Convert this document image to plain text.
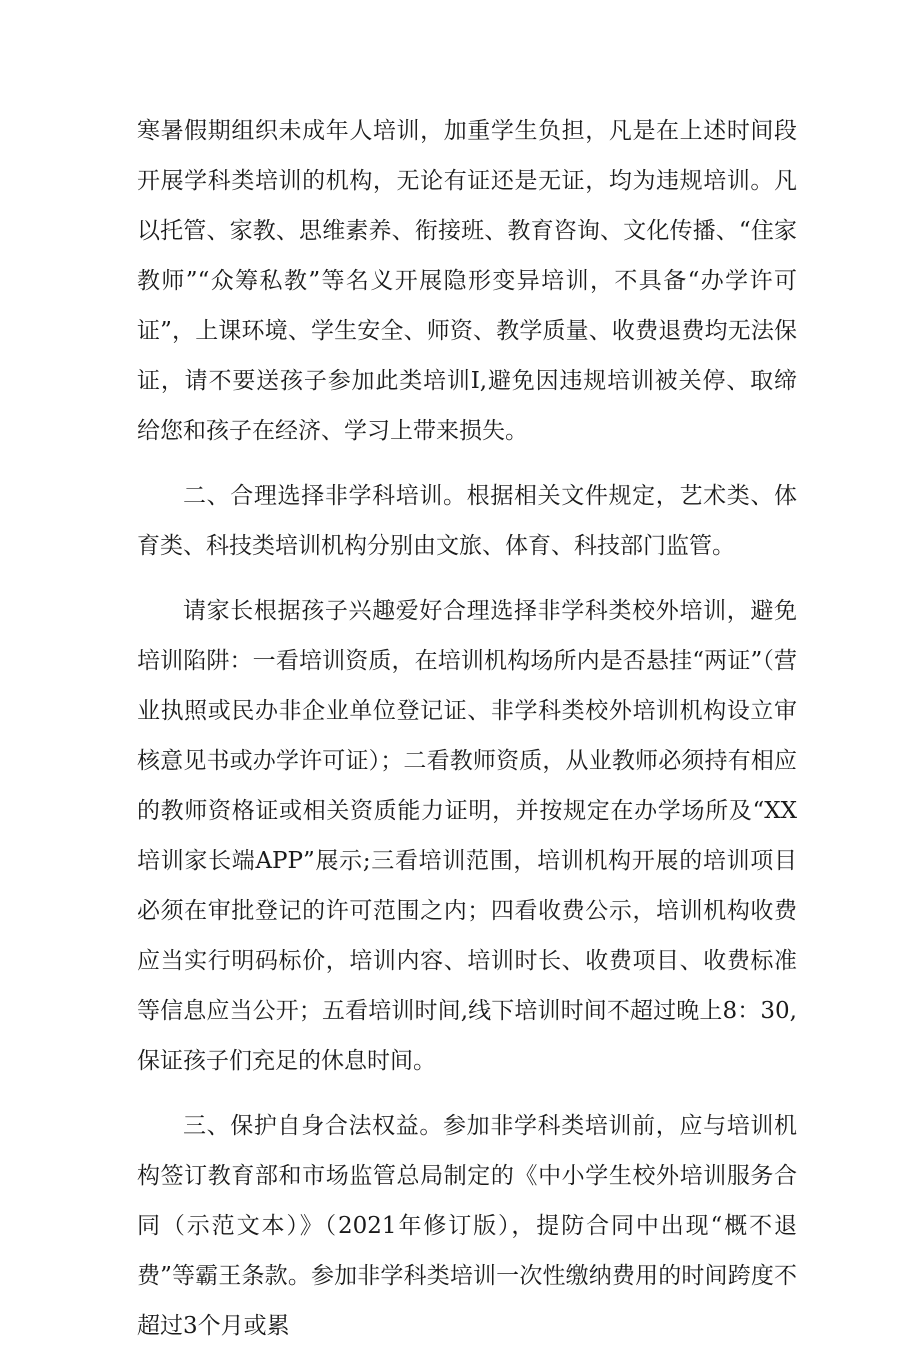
寒暑假期组织未成年人培训，加重学生负担，凡是在上述时间段开展学科类培训的机构，无论有证还是无证，均为违规培训。凡以托管、家教、思维素养、衔接班、教育咨询、文化传播、“住家教师”“众筹私教”等名义开展隐形变异培训，不具备“办学许可证”，上课环境、学生安全、师资、教学质量、收费退费均无法保证，请不要送孩子参加此类培训I,避免因违规培训被关停、取缔给您和孩子在经济、学习上带来损失。

二、合理选择非学科培训。根据相关文件规定，艺术类、体育类、科技类培训机构分别由文旅、体育、科技部门监管。

请家长根据孩子兴趣爱好合理选择非学科类校外培训，避免培训陷阱：一看培训资质，在培训机构场所内是否悬挂“两证”（营业执照或民办非企业单位登记证、非学科类校外培训机构设立审核意见书或办学许可证）；二看教师资质，从业教师必须持有相应的教师资格证或相关资质能力证明，并按规定在办学场所及“XX培训家长端APP”展示;三看培训范围，培训机构开展的培训项目必须在审批登记的许可范围之内；四看收费公示，培训机构收费应当实行明码标价，培训内容、培训时长、收费项目、收费标准等信息应当公开；五看培训时间,线下培训时间不超过晚上8：30,保证孩子们充足的休息时间。

三、保护自身合法权益。参加非学科类培训前，应与培训机构签订教育部和市场监管总局制定的《中小学生校外培训服务合同（示范文本）》（2021年修订版），提防合同中出现“概不退费”等霸王条款。参加非学科类培训一次性缴纳费用的时间跨度不超过3个月或累
